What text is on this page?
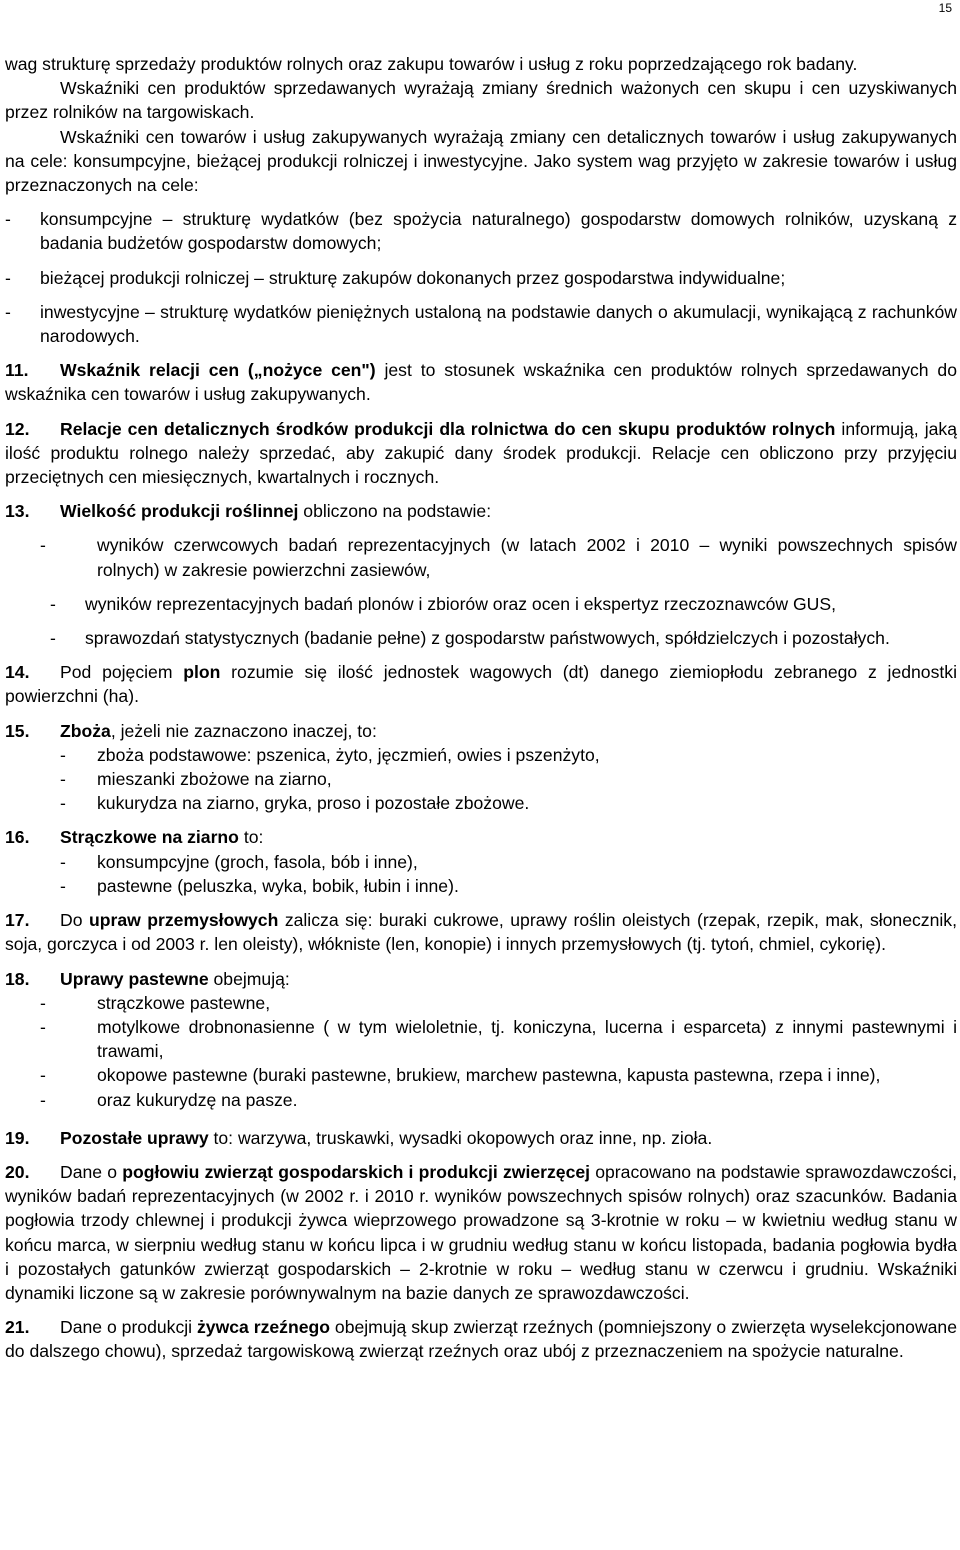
15

wag strukturę sprzedaży produktów rolnych oraz zakupu towarów i usług z roku poprzedzającego rok badany.

Wskaźniki cen produktów sprzedawanych wyrażają zmiany średnich ważonych cen skupu i cen uzyskiwanych przez rolników na targowiskach.

Wskaźniki cen towarów i usług zakupywanych wyrażają zmiany cen detalicznych towarów i usług zakupywanych na cele: konsumpcyjne, bieżącej produkcji rolniczej i inwestycyjne. Jako system wag przyjęto w zakresie towarów i usług przeznaczonych na cele:

- konsumpcyjne – strukturę wydatków (bez spożycia naturalnego) gospodarstw domowych rolników, uzyskaną z badania budżetów gospodarstw domowych;
- bieżącej produkcji rolniczej – strukturę zakupów dokonanych przez gospodarstwa indywidualne;
- inwestycyjne – strukturę wydatków pieniężnych ustaloną na podstawie danych o akumulacji, wynikającą z rachunków narodowych.

11. Wskaźnik relacji cen („nożyce cen") jest to stosunek wskaźnika cen produktów rolnych sprzedawanych do wskaźnika cen towarów i usług zakupywanych.

12. Relacje cen detalicznych środków produkcji dla rolnictwa do cen skupu produktów rolnych informują, jaką ilość produktu rolnego należy sprzedać, aby zakupić dany środek produkcji. Relacje cen obliczono przy przyjęciu przeciętnych cen miesięcznych, kwartalnych i rocznych.

13. Wielkość produkcji roślinnej obliczono na podstawie:

-	wyników czerwcowych badań reprezentacyjnych (w latach 2002 i 2010 – wyniki powszechnych spisów rolnych) w zakresie powierzchni zasiewów,
- wyników reprezentacyjnych badań plonów i zbiorów oraz ocen i ekspertyz rzeczoznawców GUS,
- sprawozdań statystycznych (badanie pełne) z gospodarstw państwowych, spółdzielczych i pozostałych.

14. Pod pojęciem plon rozumie się ilość jednostek wagowych (dt) danego ziemiopłodu zebranego z jednostki powierzchni (ha).

15. Zboża, jeżeli nie zaznaczono inaczej, to:

- zboża podstawowe: pszenica, żyto, jęczmień, owies i pszenżyto,
- mieszanki zbożowe na ziarno,
- kukurydza na ziarno, gryka, proso i pozostałe zbożowe.

16. Strączkowe na ziarno to:

- konsumpcyjne (groch, fasola, bób i inne),
- pastewne (peluszka, wyka, bobik, łubin i inne).

17. Do upraw przemysłowych zalicza się: buraki cukrowe, uprawy roślin oleistych (rzepak, rzepik, mak, słonecznik, soja, gorczyca i od 2003 r. len oleisty), włókniste (len, konopie) i innych przemysłowych (tj. tytoń, chmiel, cykorię).

18. Uprawy pastewne obejmują:

-	strączkowe pastewne,
-	motylkowe drobnonasienne ( w tym wieloletnie, tj. koniczyna, lucerna i esparceta) z innymi pastewnymi i trawami,
-	okopowe pastewne (buraki pastewne, brukiew, marchew pastewna, kapusta pastewna, rzepa i inne),
-	oraz kukurydzę na pasze.

19. Pozostałe uprawy to: warzywa, truskawki, wysadki okopowych oraz inne, np. zioła.

20. Dane o pogłowiu zwierząt gospodarskich i produkcji zwierzęcej opracowano na podstawie sprawozdawczości, wyników badań reprezentacyjnych (w 2002 r. i 2010 r. wyników powszechnych spisów rolnych) oraz szacunków. Badania pogłowia trzody chlewnej i produkcji żywca wieprzowego prowadzone są 3-krotnie w roku – w kwietniu według stanu w końcu marca, w sierpniu według stanu w końcu lipca i w grudniu według stanu w końcu listopada, badania pogłowia bydła i pozostałych gatunków zwierząt gospodarskich – 2-krotnie w roku – według stanu w czerwcu i grudniu. Wskaźniki dynamiki liczone są w zakresie porównywalnym na bazie danych ze sprawozdawczości.

21. Dane o produkcji żywca rzeźnego obejmują skup zwierząt rzeźnych (pomniejszony o zwierzęta wyselekcjonowane do dalszego chowu), sprzedaż targowiskową zwierząt rzeźnych oraz ubój z przeznaczeniem na spożycie naturalne.
